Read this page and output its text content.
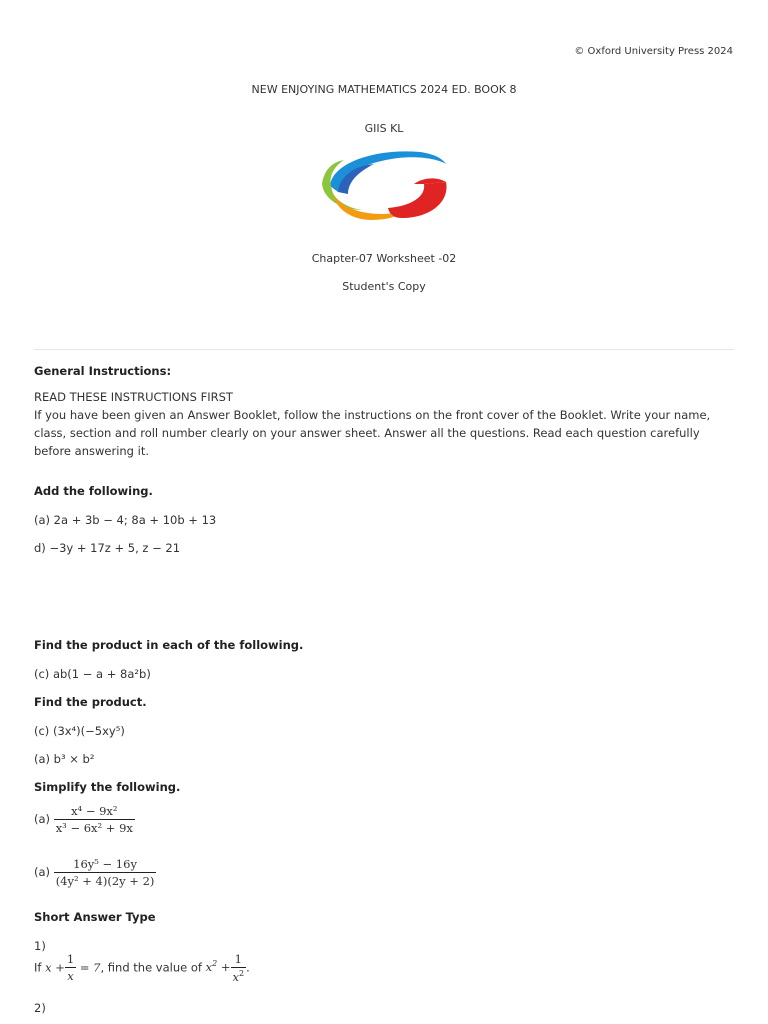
© Oxford University Press 2024
NEW ENJOYING MATHEMATICS 2024 ED. BOOK 8
GIIS KL
Chapter-07 Worksheet -02
Student's Copy
General Instructions:
READ THESE INSTRUCTIONS FIRST
If you have been given an Answer Booklet, follow the instructions on the front cover of the Booklet. Write your name, class, section and roll number clearly on your answer sheet. Answer all the questions. Read each question carefully before answering it.
Add the following.
(a) 2a + 3b − 4; 8a + 10b + 13
d) −3y + 17z + 5, z − 21
Find the product in each of the following.
(c) ab(1 − a + 8a²b)
Find the product.
(c) (3x⁴)(−5xy⁵)
(a) b³ × b²
Simplify the following.
$(a) \frac{\text{x⁴ − 9x²}}{\text{x³ − 6x² + 9x}}$
$(a) \frac{\text{16y⁵ − 16y}}{\text{(4y² + 4)(2y + 2)}}$
Short Answer Type
1)
If $x + \frac{1}{x} = 7$, find the value of $x^2 + \frac{1}{x^2}$ .
2)
